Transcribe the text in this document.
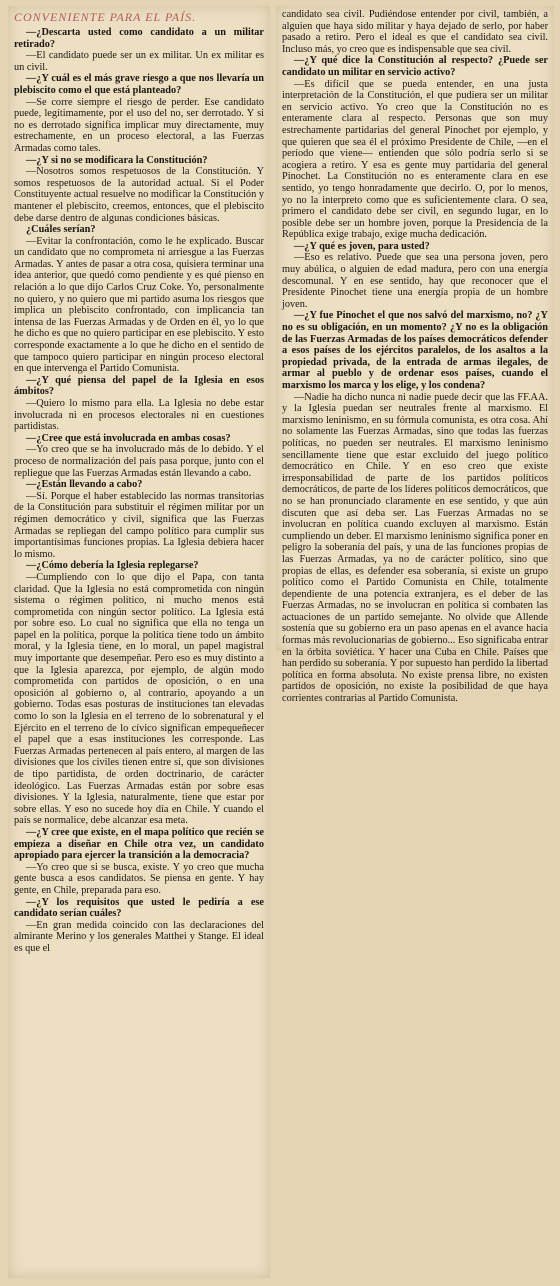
CONVENIENTE PARA EL PAÍS.

—¿Descarta usted como candidato a un militar retirado?

—El candidato puede ser un ex militar. Un ex militar es un civil.

—¿Y cuál es el más grave riesgo a que nos llevaría un plebiscito como el que está planteado?

—Se corre siempre el riesgo de perder. Ese candidato puede, legítimamente, por el uso del no, ser derrotado. Y si no es derrotado significa implicar muy directamente, muy estrechamente, en un proceso electoral, a las Fuerzas Armadas como tales.

—¿Y si no se modificara la Constitución?

—Nosotros somos respetuosos de la Constitución. Y somos respetuosos de la autoridad actual. Si el Poder Constituyente actual resuelve no modificar la Constitución y mantener el plebiscito, creemos, entonces, que el plebiscito debe darse dentro de algunas condiciones básicas.

¿Cuáles serían?

—Evitar la confrontación, como le he explicado. Buscar un candidato que no comprometa ni arriesgue a las Fuerzas Armadas. Y antes de pasar a otra cosa, quisiera terminar una idea anterior, que quedó como pendiente y es qué pienso en relación a lo que dijo Carlos Cruz Coke. Yo, personalmente no quiero, y no quiero que mi partido asuma los riesgos que implica un plebiscito confrontado, con implicancia tan intensa de las Fuerzas Armadas y de Orden en él, yo lo que he dicho es que no quiero participar en ese plebiscito. Y esto corresponde exactamente a lo que he dicho en el sentido de que tampoco quiero participar en ningún proceso electoral en que intervenga el Partido Comunista.

—¿Y qué piensa del papel de la Iglesia en esos ámbitos?

—Quiero lo mismo para ella. La Iglesia no debe estar involucrada ni en procesos electorales ni en cuestiones partidistas.

—¿Cree que está involucrada en ambas cosas?

—Yo creo que se ha involucrado más de lo debido. Y el proceso de normalización del país pasa porque, junto con el repliegue que las Fuerzas Armadas están llevando a cabo.

—¿Están llevando a cabo?

—Sí. Porque el haber establecido las normas transitorias de la Constitución para substituir el régimen militar por un régimen democrático y civil, significa que las Fuerzas Armadas se repliegan del campo político para cumplir sus importantísimas funciones propias. La Iglesia debiera hacer lo mismo.

—¿Cómo debería la Iglesia replegarse?

—Cumpliendo con lo que dijo el Papa, con tanta claridad. Que la Iglesia no está comprometida con ningún sistema o régimen político, ni mucho menos está comprometida con ningún sector político. La Iglesia está por sobre eso. Lo cual no significa que ella no tenga un papel en la política, porque la política tiene todo un ámbito moral, y la Iglesia tiene, en lo moral, un papel magistral muy importante que desempeñar. Pero eso es muy distinto a que la Iglesia aparezca, por ejemplo, de algún modo comprometida con partidos de oposición, o en una oposición al gobierno o, al contrario, apoyando a un gobierno. Todas esas posturas de instituciones tan elevadas como lo son la Iglesia en el terreno de lo sobrenatural y el Ejército en el terreno de lo cívico significan empequeñecer el papel que a esas instituciones les corresponde. Las Fuerzas Armadas pertenecen al país entero, al margen de las divisiones que los civiles tienen entre sí, que son divisiones de tipo partidista, de orden doctrinario, de carácter ideológico. Las Fuerzas Armadas están por sobre esas divisiones. Y la Iglesia, naturalmente, tiene que estar por sobre ellas. Y eso no sucede hoy día en Chile. Y cuando el país se normalice, debe alcanzar esa meta.

—¿Y cree que existe, en el mapa político que recién se empieza a diseñar en Chile otra vez, un candidato apropiado para ejercer la transición a la democracia?

—Yo creo que si se busca, existe. Y yo creo que mucha gente busca a esos candidatos. Se piensa en gente. Y hay gente, en Chile, preparada para eso.

—¿Y los requisitos que usted le pediría a ese candidato serían cuáles?

—En gran medida coincido con las declaraciones del almirante Merino y los generales Matthei y Stange. El ideal es que el

candidato sea civil. Pudiéndose entender por civil, también, a alguien que haya sido militar y haya dejado de serlo, por haber pasado a retiro. Pero el ideal es que el candidato sea civil. Incluso más, yo creo que es indispensable que sea civil.

—¿Y qué dice la Constitución al respecto? ¿Puede ser candidato un militar en servicio activo?

—Es difícil que se pueda entender, en una justa interpretación de la Constitución, el que pudiera ser un militar en servicio activo. Yo creo que la Constitución no es enteramente clara al respecto. Personas que son muy estrechamente partidarias del general Pinochet por ejemplo, y que quieren que sea él el próximo Presidente de Chile, —en el período que viene— entienden que sólo podría serlo si se acogiera a retiro. Y esa es gente muy partidaria del general Pinochet. La Constitución no es enteramente clara en ese sentido, yo tengo honradamente que decirlo. O, por lo menos, yo no la interpreto como que es suficientemente clara. O sea, primero el candidato debe ser civil, en segundo lugar, en lo posible debe ser un hombre joven, porque la Presidencia de la República exige trabajo, exige mucha dedicación.

—¿Y qué es joven, para usted?

—Eso es relativo. Puede que sea una persona joven, pero muy abúlica, o alguien de edad madura, pero con una energía descomunal. Y en ese sentido, hay que reconocer que el Presidente Pinochet tiene una energía propia de un hombre joven.

—¿Y fue Pinochet el que nos salvó del marxismo, no? ¿Y no es su obligación, en un momento? ¿Y no es la obligación de las Fuerzas Armadas de los países democráticos defender a esos países de los ejércitos paralelos, de los asaltos a la propiedad privada, de la entrada de armas ilegales, de armar al pueblo y de ordenar esos países, cuando el marxismo los marca y los elige, y los condena?

—Nadie ha dicho nunca ni nadie puede decir que las FF.AA. y la Iglesia puedan ser neutrales frente al marxismo. El marxismo leninismo, en su fórmula comunista, es otra cosa. Ahí no solamente las Fuerzas Armadas, sino que todas las fuerzas políticas, no pueden ser neutrales. El marxismo leninismo sencillamente tiene que estar excluido del juego político democrático en Chile. Y en eso creo que existe irresponsabilidad de parte de los partidos políticos democráticos, de parte de los líderes políticos democráticos, que no se han pronunciado claramente en ese sentido, y que aún discuten que así deba ser. Las Fuerzas Armadas no se involucran en política cuando excluyen al marxismo. Están cumpliendo un deber. El marxismo leninismo significa poner en peligro la soberanía del país, y una de las funciones propias de las Fuerzas Armadas, ya no de carácter político, sino que propias de ellas, es defender esa soberanía, si existe un grupo político como el Partido Comunista en Chile, totalmente dependiente de una potencia extranjera, es el deber de las Fuerzas Armadas, no se involucran en política si combaten las actuaciones de un partido semejante. No olvide que Allende sostenía que su gobierno era un paso apenas en el avance hacia formas más revolucionarias de gobierno... Eso significaba entrar en la órbita soviética. Y hacer una Cuba en Chile. Países que han perdido su soberanía. Y por supuesto han perdido la libertad política en forma absoluta. No existe prensa libre, no existen partidos de oposición, no existe la posibilidad de que haya corrientes contrarias al Partido Comunista.
